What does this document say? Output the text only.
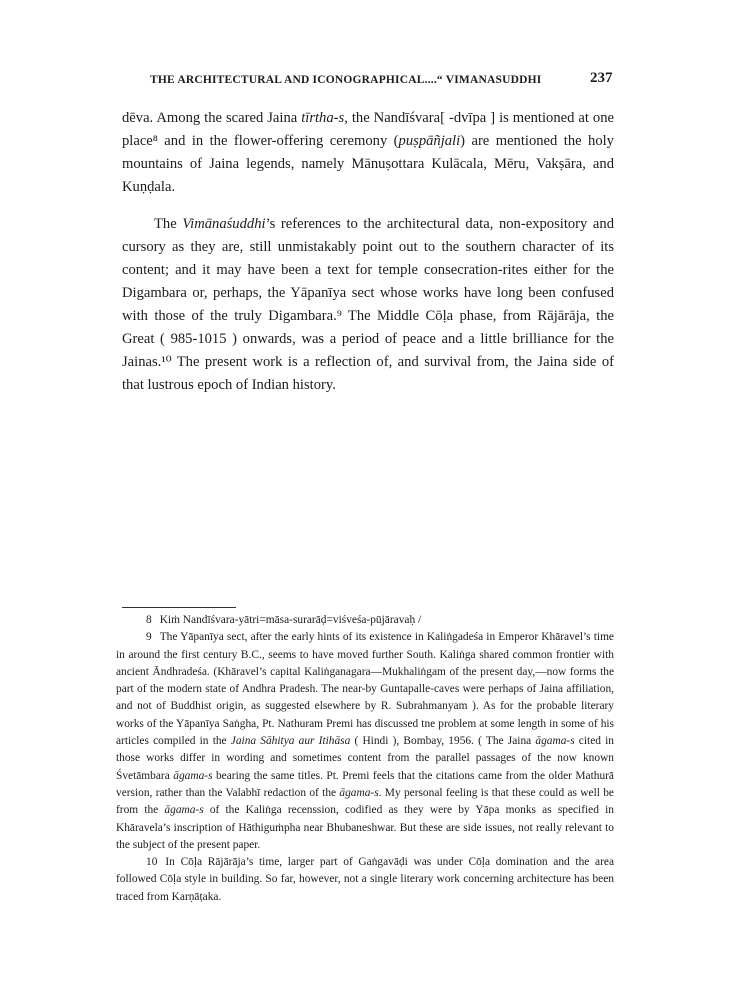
THE ARCHITECTURAL AND ICONOGRAPHICAL....“ VIMANASUDDHI	237

dēva. Among the scared Jaina tīrtha-s, the Nandīśvara[ -dvīpa ] is mentioned at one place⁸ and in the flower-offering ceremony (puṣpāñjali) are mentioned the holy mountains of Jaina legends, namely Mānuṣottara Kulācala, Mēru, Vakṣāra, and Kuṇḍala.

The Vimānaśuddhi’s references to the architectural data, non-expository and cursory as they are, still unmistakably point out to the southern character of its content; and it may have been a text for temple consecration-rites either for the Digambara or, perhaps, the Yāpanīya sect whose works have long been confused with those of the truly Digambara.⁹ The Middle Cōḷa phase, from Rājārāja, the Great ( 985-1015 ) onwards, was a period of peace and a little brilliance for the Jainas.¹⁰ The present work is a reflection of, and survival from, the Jaina side of that lustrous epoch of Indian history.

8 Kiṁ Nandīśvara-yātri=māsa-surarāḍ=viśveśa-pūjāravaḥ /

9 The Yāpanīya sect, after the early hints of its existence in Kaliṅgadeśa in Emperor Khāravel’s time in around the first century B.C., seems to have moved further South. Kaliṅga shared common frontier with ancient Āndhradeśa. (Khāravel’s capital Kaliṅganagara—Mukhaliṅgam of the present day,—now forms the part of the modern state of Andhra Pradesh. The near-by Guntapalle-caves were perhaps of Jaina affiliation, and not of Buddhist origin, as suggested elsewhere by R. Subrahmanyam ). As for the probable literary works of the Yāpanīya Saṅgha, Pt. Nathuram Premi has discussed tne problem at some length in some of his articles compiled in the Jaina Sāhitya aur Itihāsa ( Hindi ), Bombay, 1956. ( The Jaina āgama-s cited in those works differ in wording and sometimes content from the parallel passages of the now known Śvetāmbara āgama-s bearing the same titles. Pt. Premi feels that the citations came from the older Mathurā version, rather than the Valabhī redaction of the āgama-s. My personal feeling is that these could as well be from the āgama-s of the Kaliṅga recenssion, codified as they were by Yāpa monks as specified in Khāravela’s inscription of Hāthiguṁpha near Bhubaneshwar. But these are side issues, not really relevant to the subject of the present paper.

10 In Cōḷa Rājārāja’s time, larger part of Gaṅgavāḍi was under Cōḷa domination and the area followed Cōḷa style in building. So far, however, not a single literary work concerning architecture has been traced from Karṇāṭaka.
